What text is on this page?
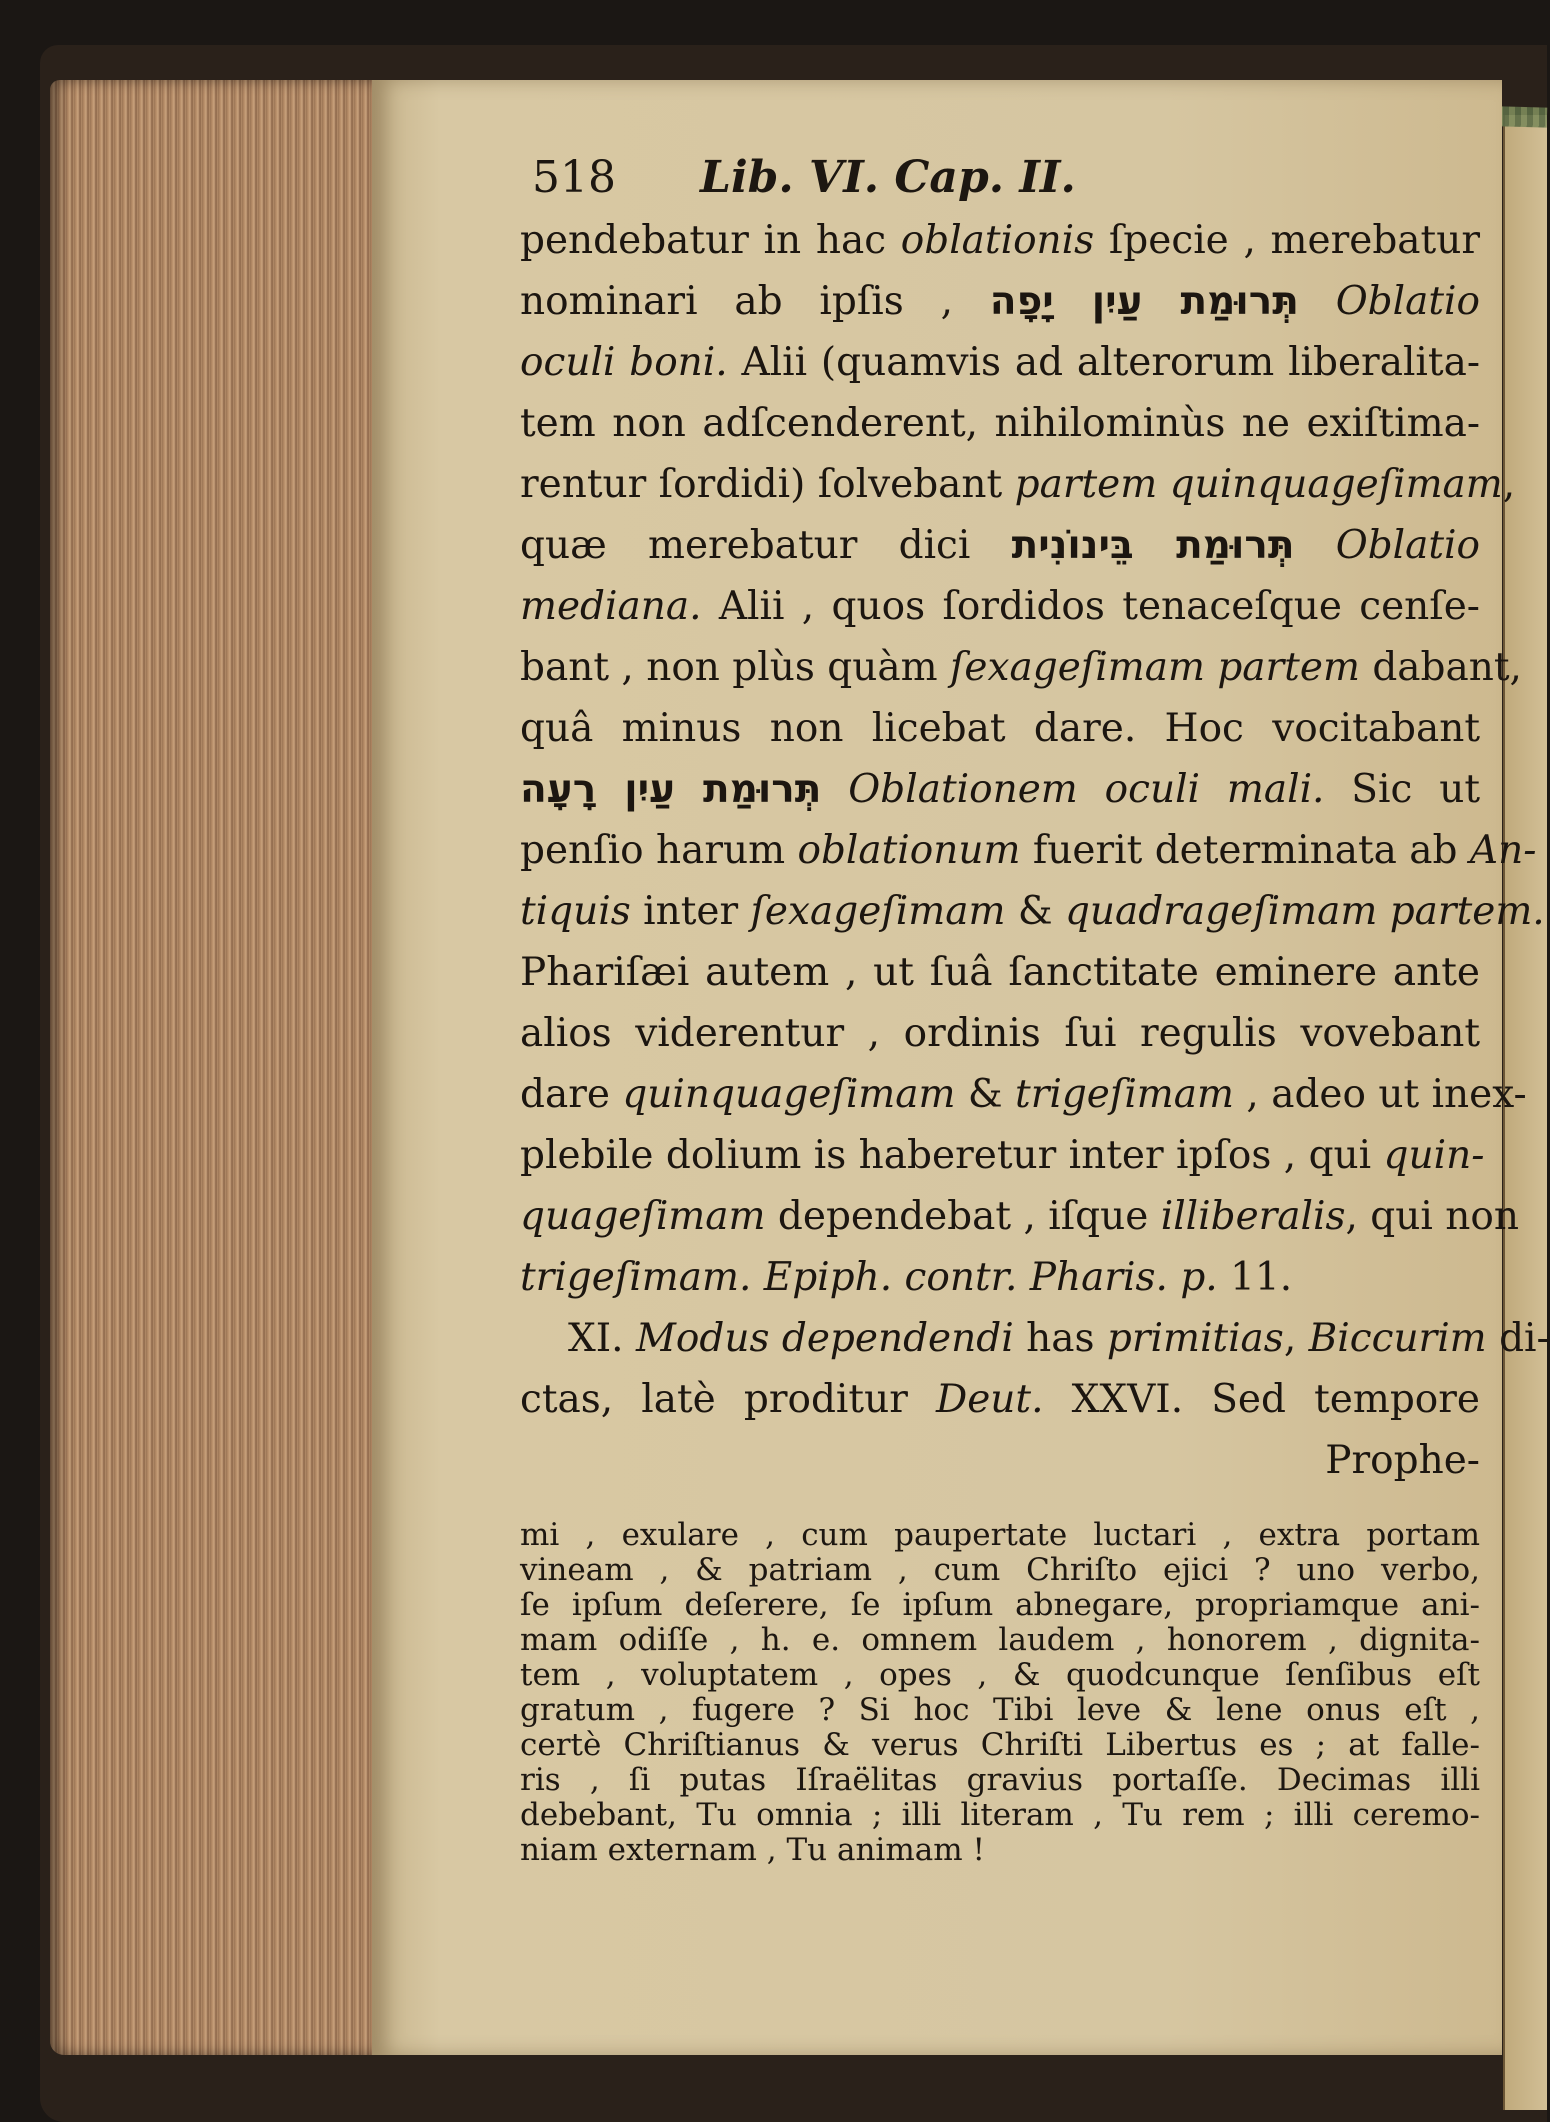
518 Lib. VI. Cap. II.
pendebatur in hac oblationis ſpecie , merebatur
nominari ab ipſis , תְּרוּמַת עַיִן יָפָה Oblatio
oculi boni. Alii (quamvis ad alterorum liberalita-
tem non adſcenderent, nihilominùs ne exiſtima-
rentur ſordidi) ſolvebant partem quinquageſimam,
quæ merebatur dici תְּרוּמַת בֵּינוֹנִית Oblatio
mediana. Alii , quos ſordidos tenaceſque cenſe-
bant , non plùs quàm ſexageſimam partem dabant,
quâ minus non licebat dare. Hoc vocitabant
תְּרוּמַת עַיִן רָעָה Oblationem oculi mali. Sic ut
penſio harum oblationum fuerit determinata ab An-
tiquis inter ſexageſimam & quadrageſimam partem.
Phariſæi autem , ut ſuâ ſanctitate eminere ante
alios viderentur , ordinis ſui regulis vovebant
dare quinquageſimam & trigeſimam , adeo ut inex-
plebile dolium is haberetur inter ipſos , qui quin-
quageſimam dependebat , iſque illiberalis, qui non
trigeſimam. Epiph. contr. Pharis. p. 11.
XI. Modus dependendi has primitias, Biccurim di-
ctas, latè proditur Deut. XXVI. Sed tempore
Prophe-
mi , exulare , cum paupertate luctari , extra portam
vineam , & patriam , cum Chriſto ejici ? uno verbo,
ſe ipſum deſerere, ſe ipſum abnegare, propriamque ani-
mam odiſſe , h. e. omnem laudem , honorem , dignita-
tem , voluptatem , opes , & quodcunque ſenſibus eſt
gratum , fugere ? Si hoc Tibi leve & lene onus eſt ,
certè Chriſtianus & verus Chriſti Libertus es ; at falle-
ris , ſi putas Iſraëlitas gravius portaſſe. Decimas illi
debebant, Tu omnia ; illi literam , Tu rem ; illi ceremo-
niam externam , Tu animam !
